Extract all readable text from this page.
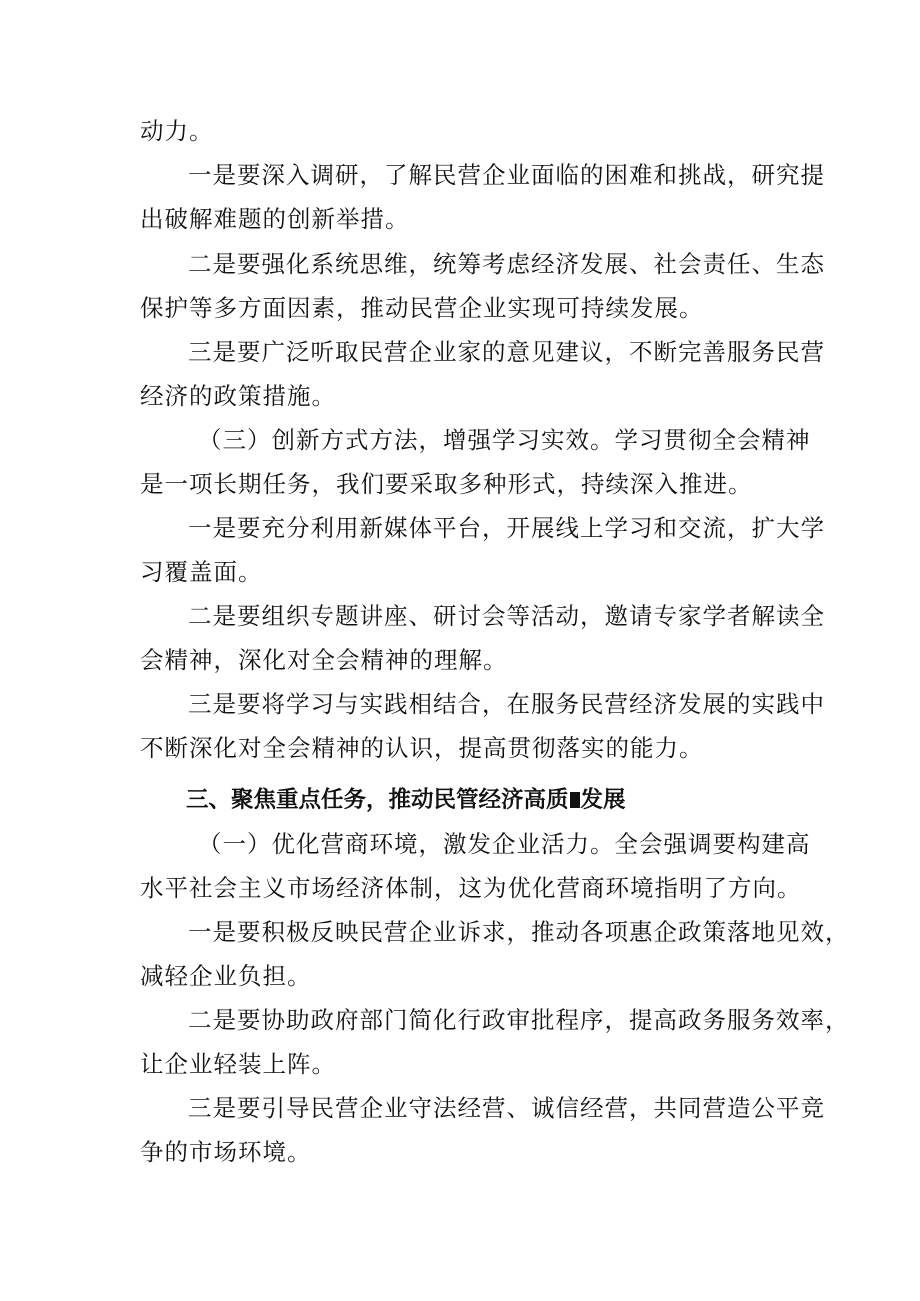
动力。
一是要深入调研，了解民营企业面临的困难和挑战，研究提
出破解难题的创新举措。
二是要强化系统思维，统筹考虑经济发展、社会责任、生态
保护等多方面因素，推动民营企业实现可持续发展。
三是要广泛听取民营企业家的意见建议，不断完善服务民营
经济的政策措施。
（三）创新方式方法，增强学习实效。学习贯彻全会精神
是一项长期任务，我们要采取多种形式，持续深入推进。
一是要充分利用新媒体平台，开展线上学习和交流，扩大学
习覆盖面。
二是要组织专题讲座、研讨会等活动，邀请专家学者解读全
会精神，深化对全会精神的理解。
三是要将学习与实践相结合，在服务民营经济发展的实践中
不断深化对全会精神的认识，提高贯彻落实的能力。
三、聚焦重点任务，推动民管经济高质 发展
（一）优化营商环境，激发企业活力。全会强调要构建高
水平社会主义市场经济体制，这为优化营商环境指明了方向。
一是要积极反映民营企业诉求，推动各项惠企政策落地见效，
减轻企业负担。
二是要协助政府部门简化行政审批程序，提高政务服务效率，
让企业轻装上阵。
三是要引导民营企业守法经营、诚信经营，共同营造公平竞
争的市场环境。
